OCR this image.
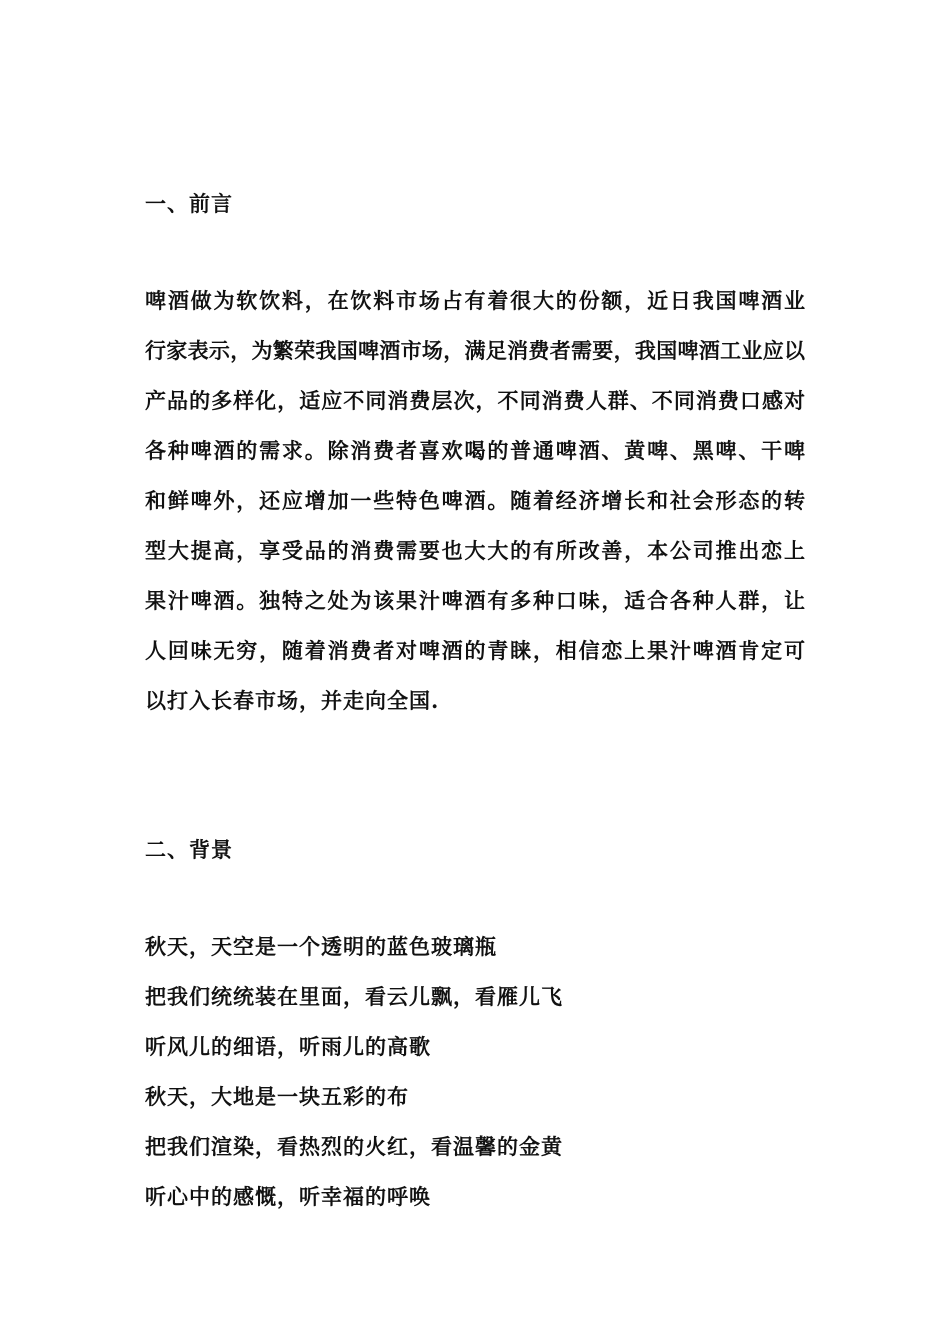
一、前言
啤酒做为软饮料，在饮料市场占有着很大的份额，近日我国啤酒业
行家表示，为繁荣我国啤酒市场，满足消费者需要，我国啤酒工业应以
产品的多样化，适应不同消费层次，不同消费人群、不同消费口感对
各种啤酒的需求。除消费者喜欢喝的普通啤酒、黄啤、黑啤、干啤
和鲜啤外，还应增加一些特色啤酒。随着经济增长和社会形态的转
型大提高，享受品的消费需要也大大的有所改善，本公司推出恋上
果汁啤酒。独特之处为该果汁啤酒有多种口味，适合各种人群，让
人回味无穷，随着消费者对啤酒的青睐，相信恋上果汁啤酒肯定可
以打入长春市场，并走向全国.
二、背景
秋天，天空是一个透明的蓝色玻璃瓶
把我们统统装在里面，看云儿飘，看雁儿飞
听风儿的细语，听雨儿的高歌
秋天，大地是一块五彩的布
把我们渲染，看热烈的火红，看温馨的金黄
听心中的感慨，听幸福的呼唤
